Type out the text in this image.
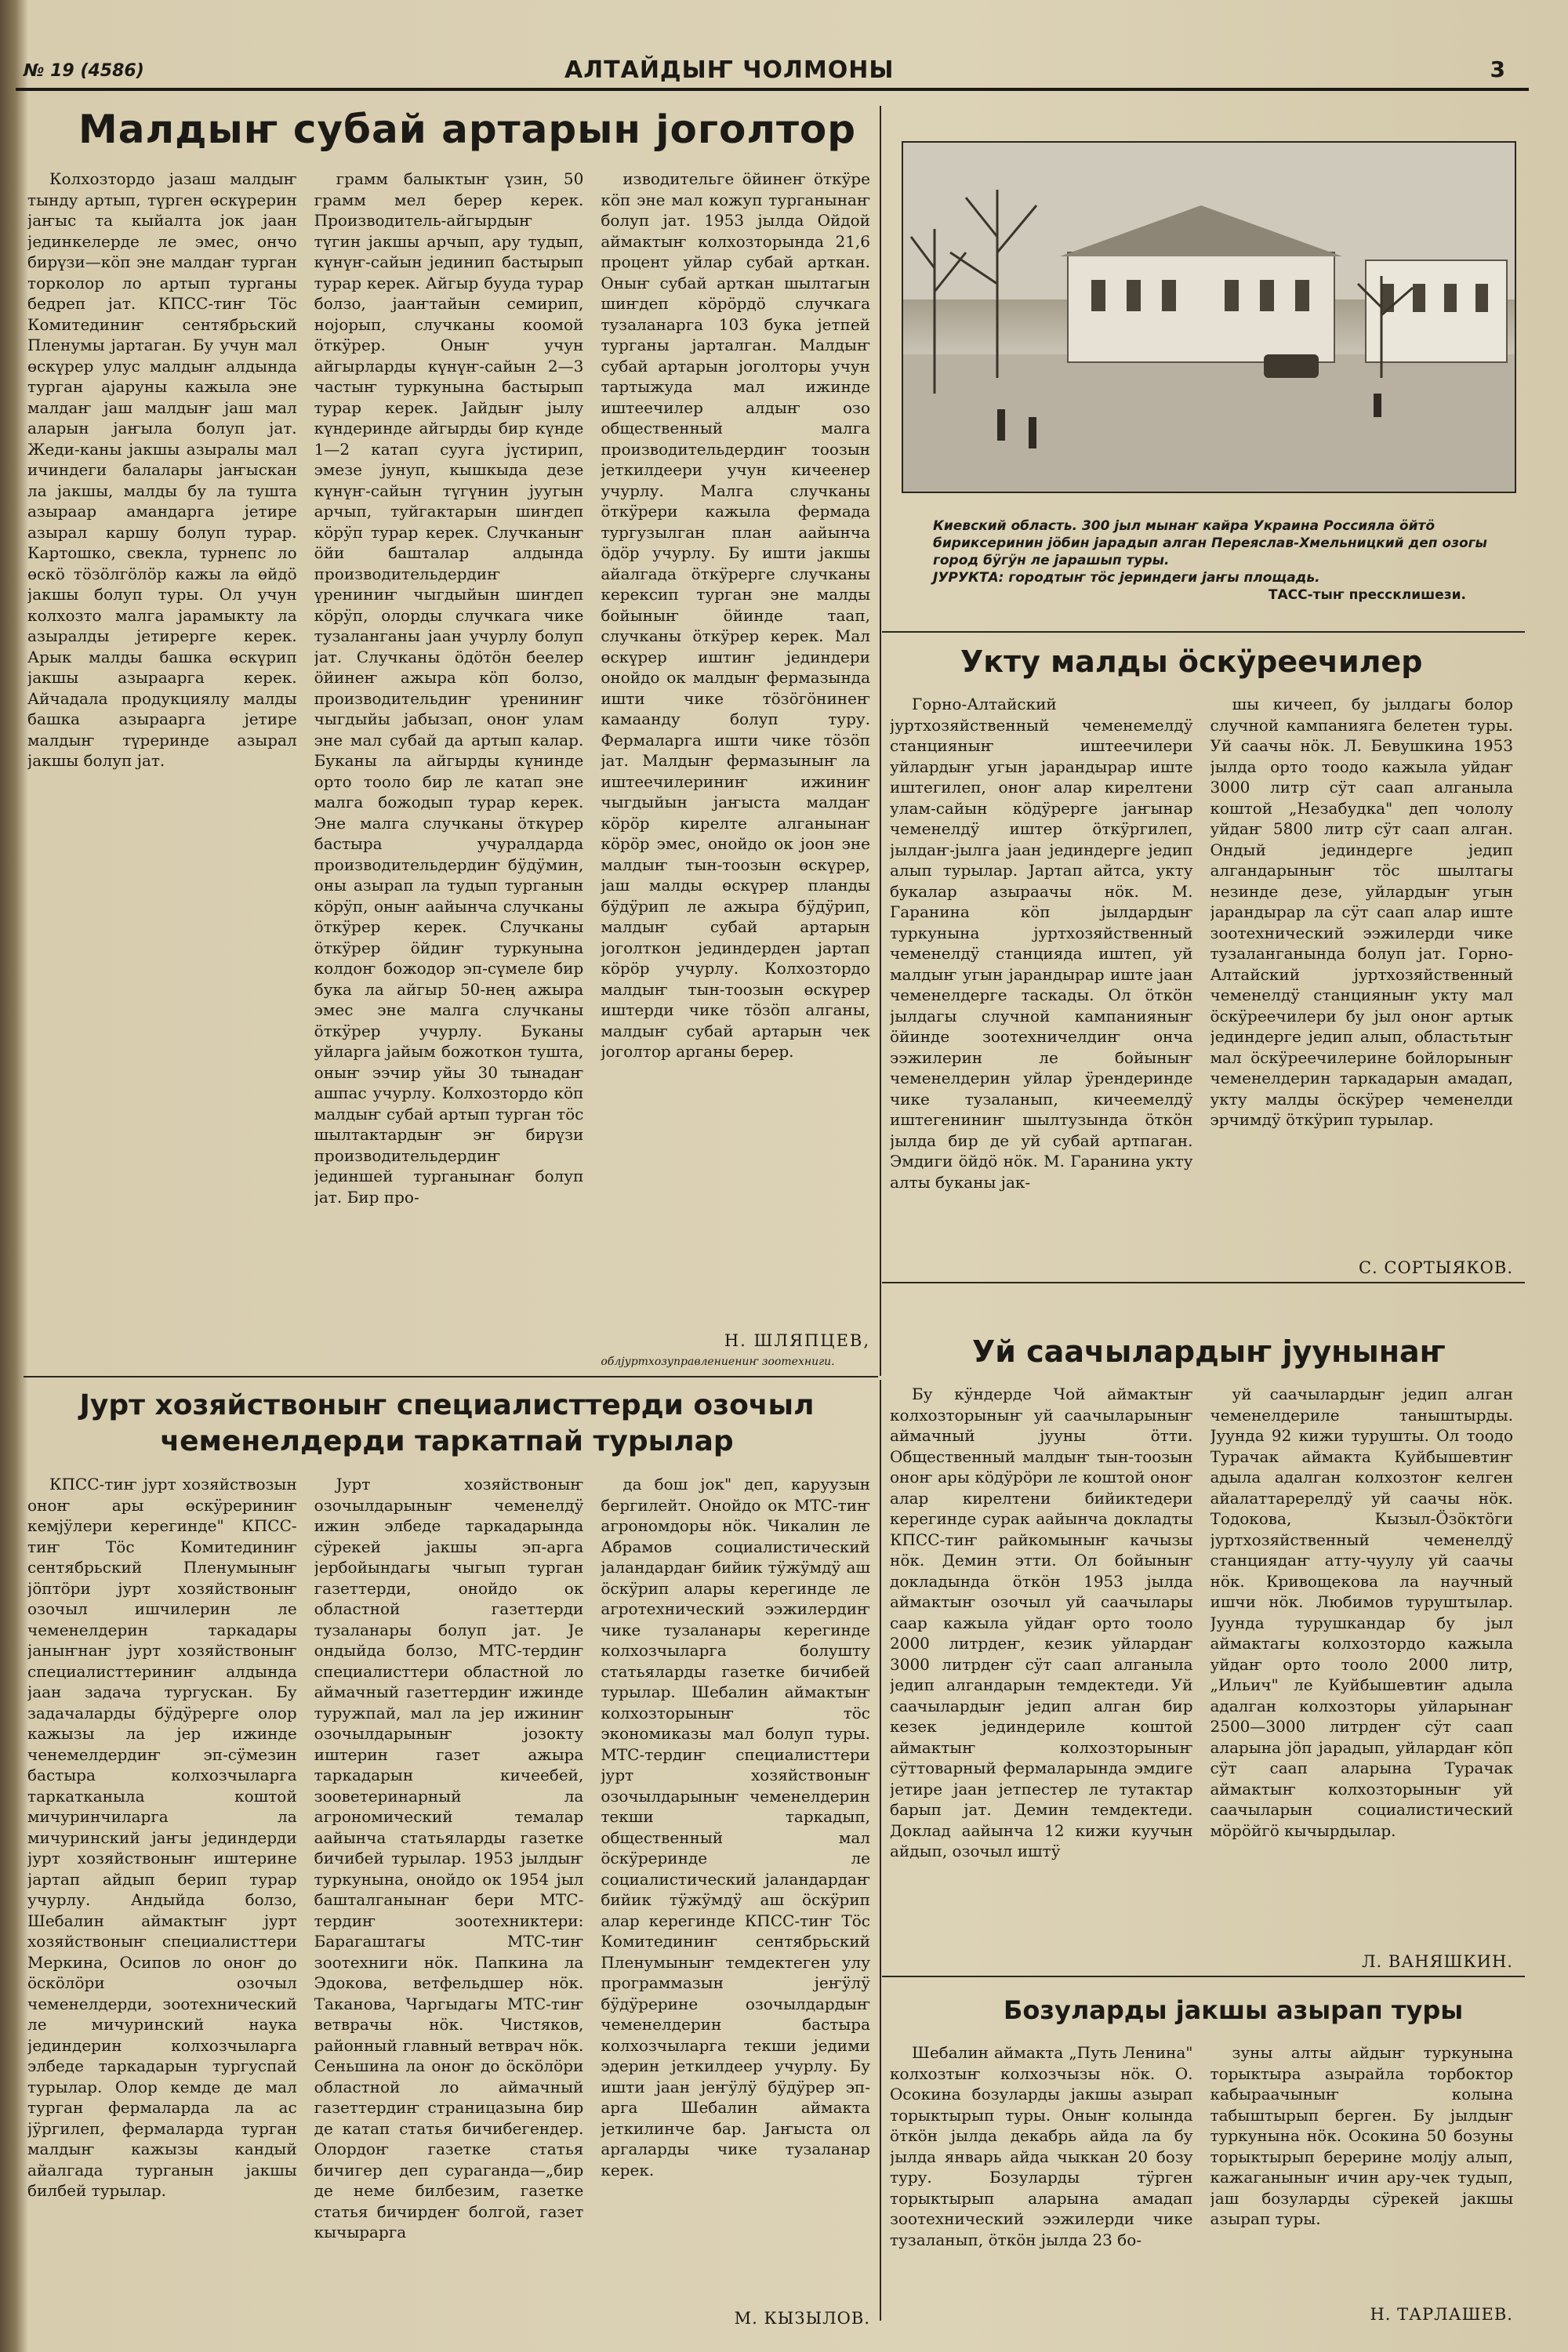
№ 19 (4586)	АЛТАЙДЫҤ ЧОЛМОНЫ	3
Малдыҥ субай артарын јоголтор
Колхозтордо јазаш малдыҥ тынду артып, түрген өскүрерин јаҥыс та кыйалта јок јаан јединкелерде ле эмес, ончо бирүзи—кӧп эне малдаҥ турган торколор ло артып турганы бедреп јат. КПСС-тиҥ Тӧс Комитединиҥ сентябрьский Пленумы јартаган. Бу учун мал өскүрер улус малдыҥ алдында турган ајаруны кажыла эне малдаҥ јаш малдыҥ јаш мал аларын јаҥыла болуп јат. Жеди-каны јакшы азыралы мал ичиндеги балалары јаҥыскан ла јакшы, малды бу ла тушта азыраар амандарга јетире азырал каршу болуп турар. Картошко, свекла, турнепс ло өскӧ тӧзӧлгӧлӧр кажы ла өйдӧ јакшы болуп туры. Ол учун колхозто малга јарамыкту ла азыралды јетирерге керек. Арык малды башка өскүрип јакшы азыраарга керек. Айчадала продукциялу малды башка азыраарга јетире малдыҥ түреринде азырал јакшы болуп јат.
грамм балыктыҥ үзин, 50 грамм мел берер керек. Производитель-айгырдыҥ түгин јакшы арчып, ару тудып, күнүҥ-сайын јединип бастырып турар керек. Айгыр бууда турар болзо, јааҥтайын семирип, нојорып, случканы коомой ӧткӱрер. Оныҥ учун айгырларды күнүҥ-сайын 2—3 частыҥ туркунына бастырып турар керек. Јайдыҥ јылу күндеринде айгырды бир күнде 1—2 катап суугa јүстирип, эмезе јунуп, кышкыда дезе күнүҥ-сайын түгүнин јуугын арчып, туйгактарын шиҥдеп кӧрӱп турар керек. Случканыҥ ӧйи башталар алдында производительдердиҥ үрениниҥ чыгдыйын шиҥдеп кӧрӱп, олорды случкага чике тузаланганы јаан учурлу болуп јат. Случканы ӧдӧтӧн беелер ӧйинеҥ ажыра кӧп болзо, производительдиҥ үрениниҥ чыгдыйы јабызап, оноҥ улам эне мал субай да артып калар. Буканы ла айгырды күнинде орто тооло бир ле катап эне малга божодып турар керек. Эне малга случканы ӧткүрер бастыра учуралдарда производительдердиҥ бӱдӱмин, оны азырап ла тудып турганын кӧрӱп, оныҥ аайынча случканы ӧткӱрер керек. Случканы ӧткӱрер ӧйдиҥ туркунына колдоҥ божодор эп-сүмеле бир бука ла айгыр 50-нең ажыра эмес эне малга случканы ӧткӱрер учурлу. Буканы уйларга јайым божоткон тушта, оныҥ ээчир уйы 30 тынадаҥ ашпас учурлу. Колхозтордо кӧп малдыҥ субай артып турган тӧс шылтактардыҥ эҥ бирүзи производительдердиҥ јединшей турганынаҥ болуп јат. Бир про-
изводительге ӧйинеҥ ӧткӱре кӧп эне мал кожуп турганынаҥ болуп јат. 1953 јылда Ойдой аймактыҥ колхозторында 21,6 процент уйлар субай арткан. Оныҥ субай арткан шылтагын шиҥдеп кӧрӧрдӧ случкага тузаланарга 103 бука јетпей турганы јарталган. Малдыҥ субай артарын јоголторы учун тартыжуда мал ижинде иштеечилер алдыҥ озо общественный малга производительдердиҥ тоозын јеткилдеери учун кичеенер учурлу. Малга случканы ӧткӱрери кажыла фермада тургузылган план аайынча ӧдӧр учурлу. Бу ишти јакшы айалгада ӧткӱрерге случканы керексип турган эне малды бойыныҥ ӧйинде таап, случканы ӧткӱрер керек. Мал өскүрер иштиҥ јединдери онойдо ок малдыҥ фермазында ишти чике тӧзӧгӧнинеҥ камаанду болуп туру. Фермаларга ишти чике тӧзӧп јат. Малдыҥ фермазыныҥ ла иштеечилериниҥ ижиниҥ чыгдыйын јаҥыста малдаҥ кӧрӧр кирелте алганынаҥ кӧрӧр эмес, онойдо ок јоон эне малдыҥ тын-тоозын өскүрер, јаш малды өскүрер планды бӱдӱрип ле ажыра бӱдӱрип, малдыҥ субай артарын јоголткон јединдерден јартап кӧрӧр учурлу. Колхозтордо малдыҥ тын-тоозын өскүрер иштерди чике тӧзӧп алганы, малдыҥ субай артарын чек јоголтор арганы берер.
Н. ШЛЯПЦЕВ,
облјуртхозуправлениениҥ зоотехниги.
Киевский область. 300 јыл мынаҥ кайра Украина Россияла ӧйтӧ бириксеринин јӧбин јарадып алган Переяслав-Хмельницкий деп озогы город бӱгӱн ле јарашып туры.
ЈУРУКТА: городтыҥ тӧс јериндеги јаҥы площадь.
ТАСС-тыҥ прессклишези.
Укту малды ӧскӱреечилер
Горно-Алтайский јуртхозяйственный чеменемелдӱ станцияныҥ иштеечилери уйлардыҥ угын јарандырар иште иштегилеп, оноҥ алар кирелтени улам-сайын кӧдӱрерге јаҥынар чеменелдӱ иштер ӧткӱргилеп, јылдаҥ-јылга јаан јединдерге једип алып турылар. Јартап айтса, укту букалар азыраачы нӧк. М. Гаранина кӧп јылдардыҥ туркунына јуртхозяйственный чеменелдӱ станцияда иштеп, уй малдыҥ угын јарандырар иште јаан чеменелдерге таскады. Ол ӧткӧн јылдагы случной кампанияныҥ ӧйинде зоотехничелдиҥ онча ээжилерин ле бойыныҥ чеменелдерин уйлар ӱрендеринде чике тузаланып, кичеемелдӱ иштегениниҥ шылтузында ӧткӧн јылда бир де уй субай артпаган. Эмдиги ӧйдӧ нӧк. М. Гаранина укту алты буканы јак-
шы кичееп, бу јылдагы болор случной кампанияга белетен туры. Уй саачы нӧк. Л. Бевушкина 1953 јылда орто тоодо кажыла уйдаҥ 3000 литр сӱт саап алганыла коштой „Незабудка" деп чололу уйдаҥ 5800 литр сӱт саап алган. Ондый јединдерге једип алгандарыныҥ тӧс шылтагы незинде дезе, уйлардыҥ угын јарандырар ла сӱт саап алар иште зоотехнический ээжилерди чике тузаланганында болуп јат. Горно-Алтайский јуртхозяйственный чеменелдӱ станцияныҥ укту мал ӧскӱреечилери бу јыл оноҥ артык јединдерге једип алып, областьтыҥ мал ӧскӱреечилерине бойлорыныҥ чеменелдерин таркадарын амадап, укту малды ӧскӱрер чеменелди эрчимдӱ ӧткӱрип турылар.
С. СОРТЫЯКОВ.
Уй саачылардыҥ јуунынаҥ
Бу кӱндерде Чой аймактыҥ колхозторыныҥ уй саачыларыныҥ аймачный јууны ӧтти. Общественный малдыҥ тын-тоозын оноҥ ары кӧдӱрӧри ле коштой оноҥ алар кирелтени бийиктедери керегинде сурак аайынча докладты КПСС-тиҥ райкомыныҥ качызы нӧк. Демин этти. Ол бойыныҥ докладында ӧткӧн 1953 јылда аймактыҥ озочыл уй саачылары саар кажыла уйдаҥ орто тооло 2000 литрдеҥ, кезик уйлардаҥ 3000 литрдеҥ сӱт саап алганыла једип алгандарын темдектеди. Уй саачылардыҥ једип алган бир кезек јединдериле коштой аймактыҥ колхозторыныҥ сӱттоварный фермаларында эмдиге јетире јаан јетпестер ле тутактар барып јат. Демин темдектеди. Доклад аайынча 12 кижи куучын айдып, озочыл иштӱ
уй саачылардыҥ једип алган чеменелдериле таныштырды. Јуунда 92 кижи турушты. Ол тоодо Турачак аймакта Куйбышевтиҥ адыла адалган колхозтоҥ келген айалаттаререлдӱ уй саачы нӧк. Тодокова, Кызыл-Ӧзӧктӧги јуртхозяйственный чеменелдӱ станциядаҥ атту-чуулу уй саачы нӧк. Кривощекова ла научный ишчи нӧк. Любимов туруштылар. Јуунда турушкандар бу јыл аймактагы колхозтордо кажыла уйдаҥ орто тооло 2000 литр, „Ильич" ле Куйбышевтиҥ адыла адалган колхозторы уйларынаҥ 2500—3000 литрдеҥ сӱт саап аларына јӧп јарадып, уйлардаҥ кӧп сӱт саап аларына Турачак аймактыҥ колхозторыныҥ уй саачыларын социалистический мӧрӧйгӧ кычырдылар.
Л. ВАНЯШКИН.
Бозуларды јакшы азырап туры
Шебалин аймакта „Путь Ленина" колхозтыҥ колхозчызы нӧк. О. Осокина бозуларды јакшы азырап торыктырып туры. Оныҥ колында ӧткӧн јылда декабрь айда ла бу јылда январь айда чыккан 20 бозу туру. Бозуларды тӱрген торыктырып аларына амадап зоотехнический ээжилерди чике тузаланып, ӧткӧн јылда 23 бо-
зуны алты айдыҥ туркунына торыктыра азырайла торбоктор кабыраачыныҥ колына табыштырып берген. Бу јылдыҥ туркунына нӧк. Осокина 50 бозуны торыктырып берерине молју алып, кажаганыныҥ ичин ару-чек тудып, јаш бозуларды сӱрекей јакшы азырап туры.
Н. ТАРЛАШЕВ.
Јурт хозяйствоныҥ специалисттерди озочыл чеменелдерди таркатпай турылар
КПСС-тиҥ јурт хозяйствозын оноҥ ары өскӱрериниҥ кемјӱлери керегинде" КПСС-тиҥ Тӧс Комитединиҥ сентябрьский Пленумыныҥ јӧптӧри јурт хозяйствоныҥ озочыл ишчилерин ле чеменелдерин таркадары јаныҥнаҥ јурт хозяйствоныҥ специалисттериниҥ алдында јаан задача тургускан. Бу задачаларды бӱдӱрерге олор кажызы ла јер ижинде ченемелдердиҥ эп-сӱмезин бастыра колхозчыларга таркатканыла коштой мичуринчиларга ла мичуринский јаҥы јединдерди јурт хозяйствоныҥ иштерине јартап айдып берип турар учурлу. Андыйда болзо, Шебалин аймактыҥ јурт хозяйствоныҥ специалисттери Меркина, Осипов ло оноҥ до ӧскӧлӧри озочыл чеменелдерди, зоотехнический ле мичуринский наука јединдерин колхозчыларга элбеде таркадарын тургуспай турылар. Олор кемде де мал турган фермаларда ла ас јӱргилеп, фермаларда турган малдыҥ кажызы кандый айалгада турганын јакшы билбей турылар.
Јурт хозяйствоныҥ озочылдарыныҥ чеменелдӱ ижин элбеде таркадарында сӱрекей јакшы эп-арга јербойындагы чыгып турган газеттерди, онойдо ок областной газеттерди тузаланары болуп јат. Је ондыйда болзо, МТС-тердиҥ специалисттери областной ло аймачный газеттердиҥ ижинде туружпай, мал ла јер ижиниҥ озочылдарыныҥ јозокту иштерин газет ажыра таркадарын кичеебей, зооветеринарный ла агрономический темалар аайынча статьяларды газетке бичибей турылар. 1953 јылдыҥ туркунына, онойдо ок 1954 јыл башталганынаҥ бери МТС-тердиҥ зоотехниктери: Барагаштагы МТС-тиҥ зоотехниги нӧк. Папкина ла Эдокова, ветфельдшер нӧк. Таканова, Чаргыдагы МТС-тиҥ ветврачы нӧк. Чистяков, районный главный ветврач нӧк. Сеньшина ла оноҥ до ӧскӧлӧри областной ло аймачный газеттердиҥ страницазына бир де катап статья бичибегендер. Олордоҥ газетке статья бичигер деп сураганда—„бир де неме билбезим, газетке статья бичирдеҥ болгой, газет кычыраргa
да бош јок" деп, каруузын бергилейт. Онойдо ок МТС-тиҥ агрономдоры нӧк. Чикалин ле Абрамов социалистический јаландардаҥ бийик тӱжӱмдӱ аш ӧскӱрип алары керегинде ле агротехнический ээжилердиҥ чике тузаланары керегинде колхозчыларга болушту статьяларды газетке бичибей турылар. Шебалин аймактыҥ колхозторыныҥ тӧс экономиказы мал болуп туры. МТС-тердиҥ специалисттери јурт хозяйствоныҥ озочылдарыныҥ чеменелдерин текши таркадып, общественный мал ӧскӱреринде ле социалистический јаландардаҥ бийик тӱжӱмдӱ аш ӧскӱрип алар керегинде КПСС-тиҥ Тӧс Комитединиҥ сентябрьский Пленумыныҥ темдектеген улу программазын јеҥӱлӱ бӱдӱрерине озочылдардыҥ чеменелдерин бастыра колхозчыларга текши једими эдерин јеткилдеер учурлу. Бу ишти јаан јеҥӱлӱ бӱдӱрер эп-арга Шебалин аймакта јеткилинче бар. Јаҥыста ол аргаларды чике тузаланар керек.
М. КЫЗЫЛОВ.
